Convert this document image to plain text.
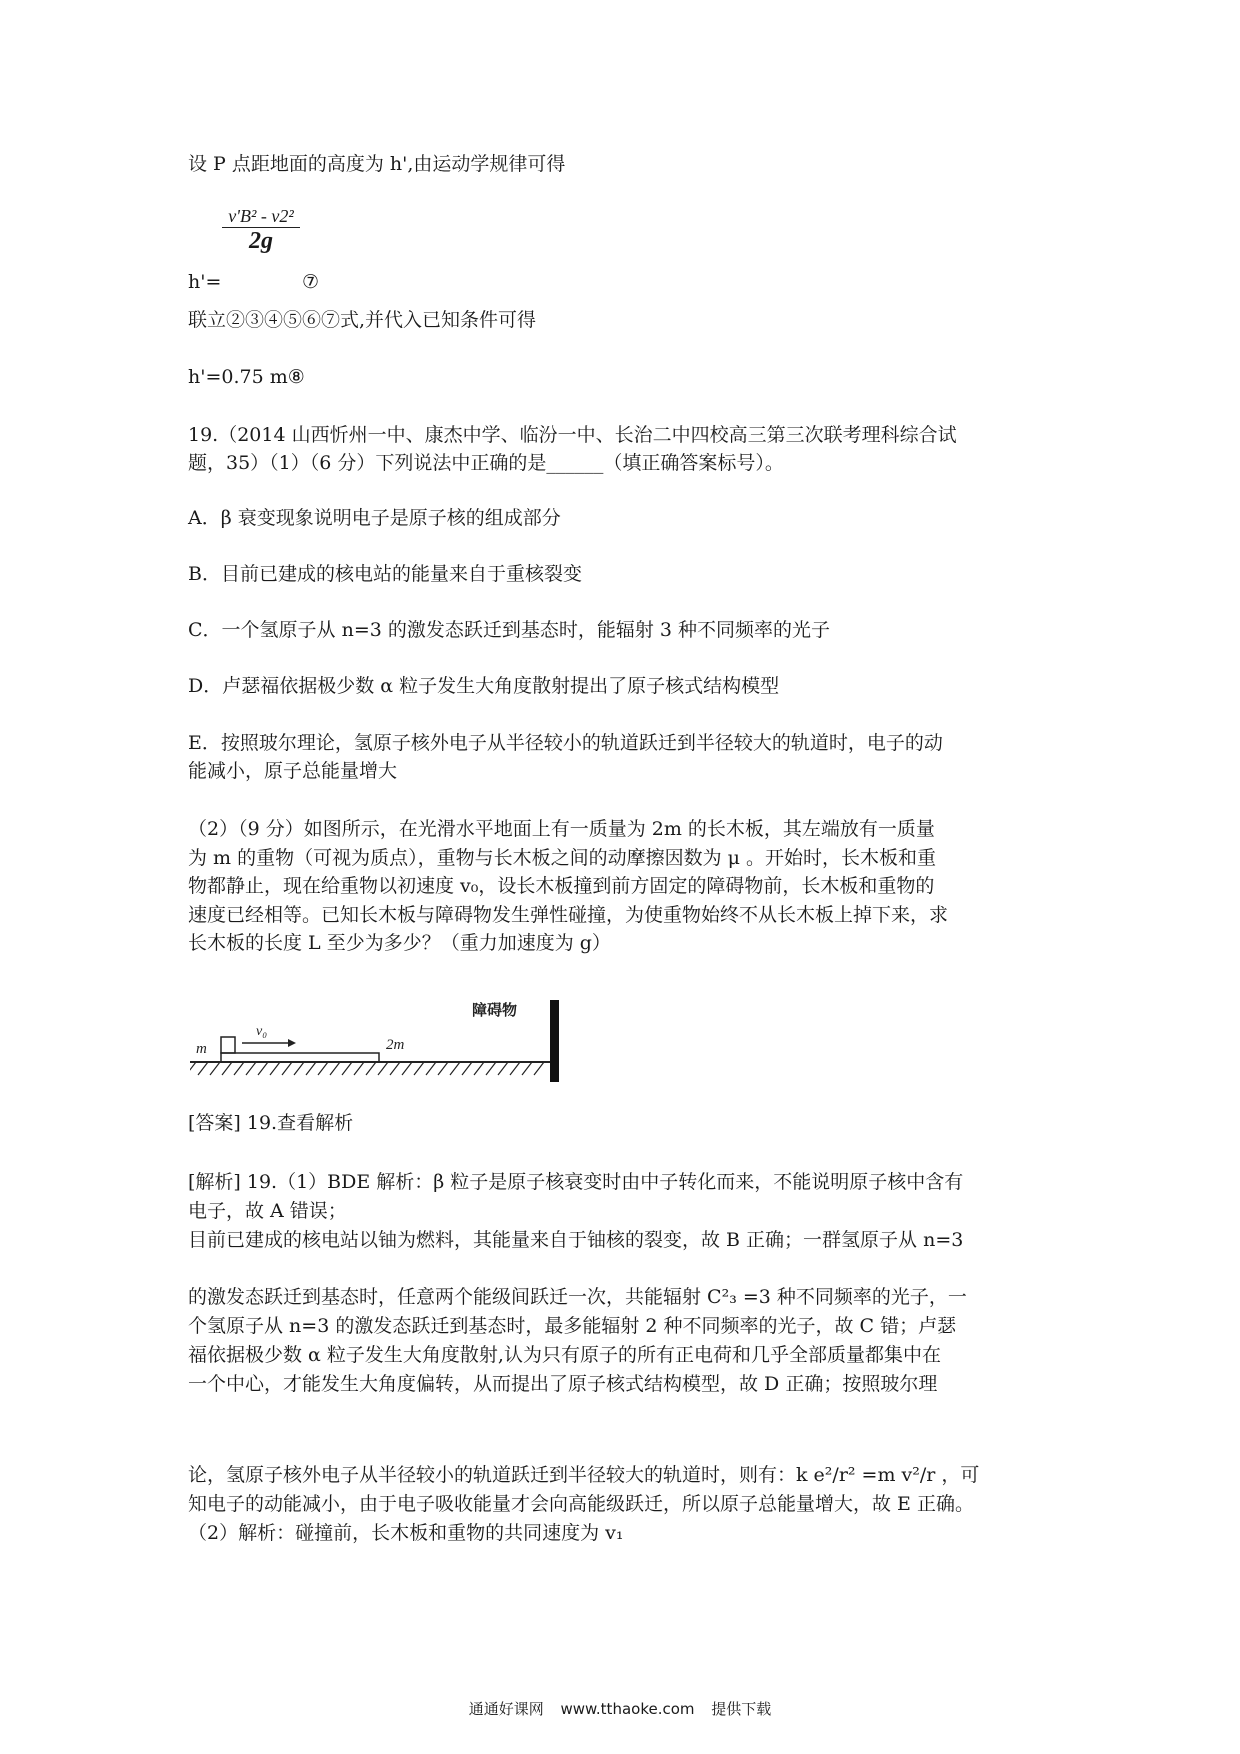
设 P 点距地面的高度为 h',由运动学规律可得
v'B² - v2²
2g
h'=	⑦
联立②③④⑤⑥⑦式,并代入已知条件可得
h'=0.75 m⑧
19.（2014 山西忻州一中、康杰中学、临汾一中、长治二中四校高三第三次联考理科综合试
题，35）（1）（6 分）下列说法中正确的是______（填正确答案标号）。
A．β 衰变现象说明电子是原子核的组成部分
B．目前已建成的核电站的能量来自于重核裂变
C．一个氢原子从 n=3 的激发态跃迁到基态时，能辐射 3 种不同频率的光子
D．卢瑟福依据极少数 α 粒子发生大角度散射提出了原子核式结构模型
E．按照玻尔理论，氢原子核外电子从半径较小的轨道跃迁到半径较大的轨道时，电子的动
能减小，原子总能量增大
（2）（9 分）如图所示，在光滑水平地面上有一质量为 2m 的长木板，其左端放有一质量
为 m 的重物（可视为质点），重物与长木板之间的动摩擦因数为 μ 。开始时，长木板和重
物都静止，现在给重物以初速度 v₀，设长木板撞到前方固定的障碍物前，长木板和重物的
速度已经相等。已知长木板与障碍物发生弹性碰撞，为使重物始终不从长木板上掉下来，求
长木板的长度 L 至少为多少？（重力加速度为 g）
障碍物
m
v₀
2m
[答案] 19.查看解析
[解析] 19.（1）BDE 解析：β 粒子是原子核衰变时由中子转化而来，不能说明原子核中含有
电子，故 A 错误；
目前已建成的核电站以铀为燃料，其能量来自于铀核的裂变，故 B 正确；一群氢原子从 n=3
的激发态跃迁到基态时，任意两个能级间跃迁一次，共能辐射 C²₃ =3 种不同频率的光子，一
个氢原子从 n=3 的激发态跃迁到基态时，最多能辐射 2 种不同频率的光子，故 C 错；卢瑟
福依据极少数 α 粒子发生大角度散射,认为只有原子的所有正电荷和几乎全部质量都集中在
一个中心，才能发生大角度偏转，从而提出了原子核式结构模型，故 D 正确；按照玻尔理
论，氢原子核外电子从半径较小的轨道跃迁到半径较大的轨道时，则有：k e²/r² =m v²/r ，可
知电子的动能减小，由于电子吸收能量才会向高能级跃迁，所以原子总能量增大，故 E 正确。
（2）解析：碰撞前，长木板和重物的共同速度为 v₁
通通好课网 www.tthaoke.com 提供下载
